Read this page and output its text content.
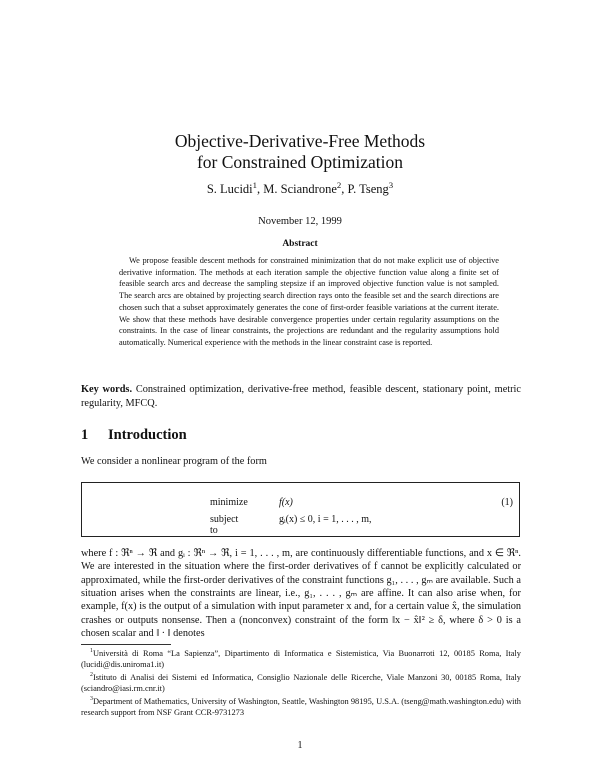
Objective-Derivative-Free Methods
for Constrained Optimization
S. Lucidi$^1$, M. Sciandrone$^2$, P. Tseng$^3$
November 12, 1999
Abstract
We propose feasible descent methods for constrained minimization that do not make explicit use of objective derivative information. The methods at each iteration sample the objective function value along a finite set of feasible search arcs and decrease the sampling stepsize if an improved objective function value is not sampled. The search arcs are obtained by projecting search direction rays onto the feasible set and the search directions are chosen such that a subset approximately generates the cone of first-order feasible variations at the current iterate. We show that these methods have desirable convergence properties under certain regularity assumptions on the constraints. In the case of linear constraints, the projections are redundant and the regularity assumptions hold automatically. Numerical experience with the methods in the linear constraint case is reported.
Key words. Constrained optimization, derivative-free method, feasible descent, stationary point, metric regularity, MFCQ.
1 Introduction
We consider a nonlinear program of the form
minimize	f(x)
subject to
gᵢ(x) ≤ 0, i = 1, . . . , m,
(1)
where f : ℜⁿ → ℜ and gᵢ : ℜⁿ → ℜ, i = 1, . . . , m, are continuously differentiable functions, and x ∈ ℜⁿ. We are interested in the situation where the first-order derivatives of f cannot be explicitly calculated or approximated, while the first-order derivatives of the constraint functions g₁, . . . , gₘ are available. Such a situation arises when the constraints are linear, i.e., g₁, . . . , gₘ are affine. It can also arise when, for example, f(x) is the output of a simulation with input parameter x and, for a certain value x̂, the simulation crashes or outputs nonsense. Then a (nonconvex) constraint of the form ‖x − x̂‖² ≥ δ, where δ > 0 is a chosen scalar and ‖ · ‖ denotes
$^1$Università di Roma “La Sapienza”, Dipartimento di Informatica e Sistemistica, Via Buonarroti 12, 00185 Roma, Italy (lucidi@dis.uniroma1.it)
$^2$Istituto di Analisi dei Sistemi ed Informatica, Consiglio Nazionale delle Ricerche, Viale Manzoni 30, 00185 Roma, Italy (sciandro@iasi.rm.cnr.it)
$^3$Department of Mathematics, University of Washington, Seattle, Washington 98195, U.S.A. (tseng@math.washington.edu) with research support from NSF Grant CCR-9731273
1
